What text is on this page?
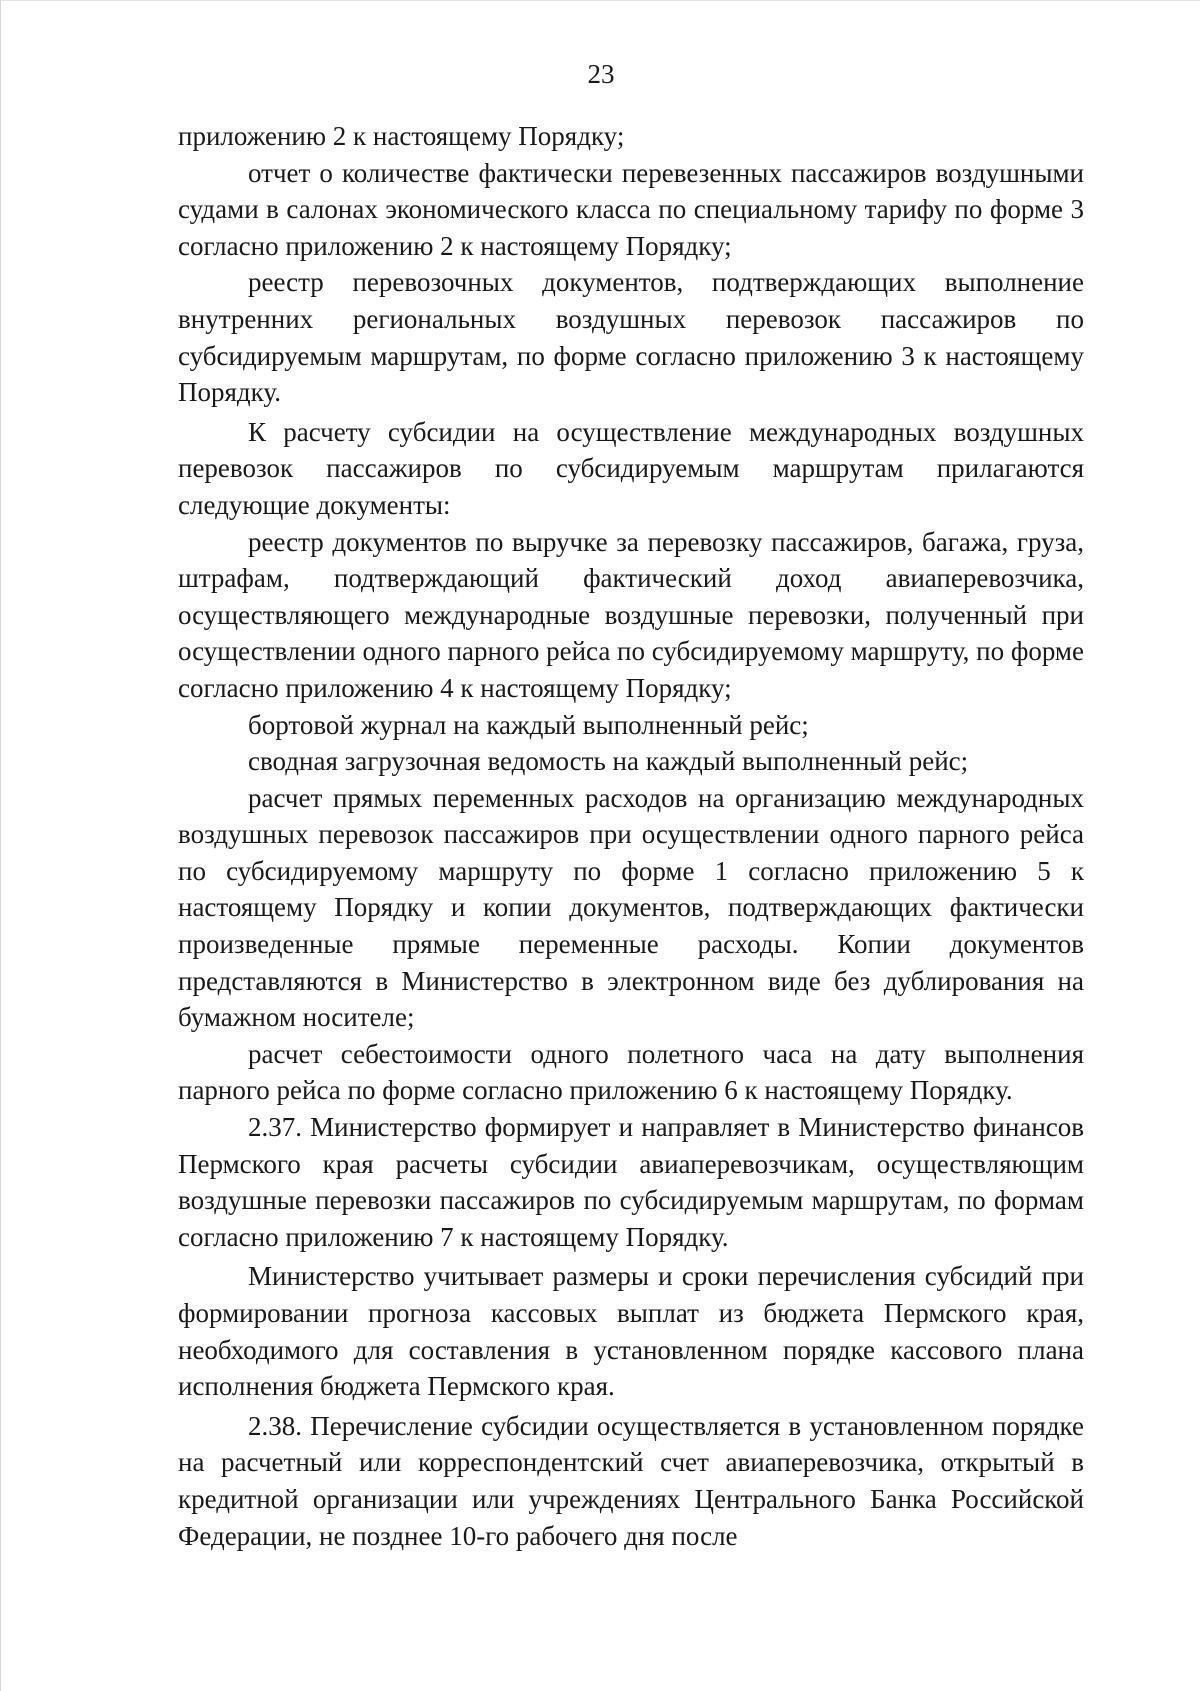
23

приложению 2 к настоящему Порядку;

отчет о количестве фактически перевезенных пассажиров воздушными судами в салонах экономического класса по специальному тарифу по форме 3 согласно приложению 2 к настоящему Порядку;

реестр перевозочных документов, подтверждающих выполнение внутренних региональных воздушных перевозок пассажиров по субсидируемым маршрутам, по форме согласно приложению 3 к настоящему Порядку.

К расчету субсидии на осуществление международных воздушных перевозок пассажиров по субсидируемым маршрутам прилагаются следующие документы:

реестр документов по выручке за перевозку пассажиров, багажа, груза, штрафам, подтверждающий фактический доход авиаперевозчика, осуществляющего международные воздушные перевозки, полученный при осуществлении одного парного рейса по субсидируемому маршруту, по форме согласно приложению 4 к настоящему Порядку;

бортовой журнал на каждый выполненный рейс;

сводная загрузочная ведомость на каждый выполненный рейс;

расчет прямых переменных расходов на организацию международных воздушных перевозок пассажиров при осуществлении одного парного рейса по субсидируемому маршруту по форме 1 согласно приложению 5 к настоящему Порядку и копии документов, подтверждающих фактически произведенные прямые переменные расходы. Копии документов представляются в Министерство в электронном виде без дублирования на бумажном носителе;

расчет себестоимости одного полетного часа на дату выполнения парного рейса по форме согласно приложению 6 к настоящему Порядку.

2.37. Министерство формирует и направляет в Министерство финансов Пермского края расчеты субсидии авиаперевозчикам, осуществляющим воздушные перевозки пассажиров по субсидируемым маршрутам, по формам согласно приложению 7 к настоящему Порядку.

Министерство учитывает размеры и сроки перечисления субсидий при формировании прогноза кассовых выплат из бюджета Пермского края, необходимого для составления в установленном порядке кассового плана исполнения бюджета Пермского края.

2.38. Перечисление субсидии осуществляется в установленном порядке на расчетный или корреспондентский счет авиаперевозчика, открытый в кредитной организации или учреждениях Центрального Банка Российской Федерации, не позднее 10-го рабочего дня после
